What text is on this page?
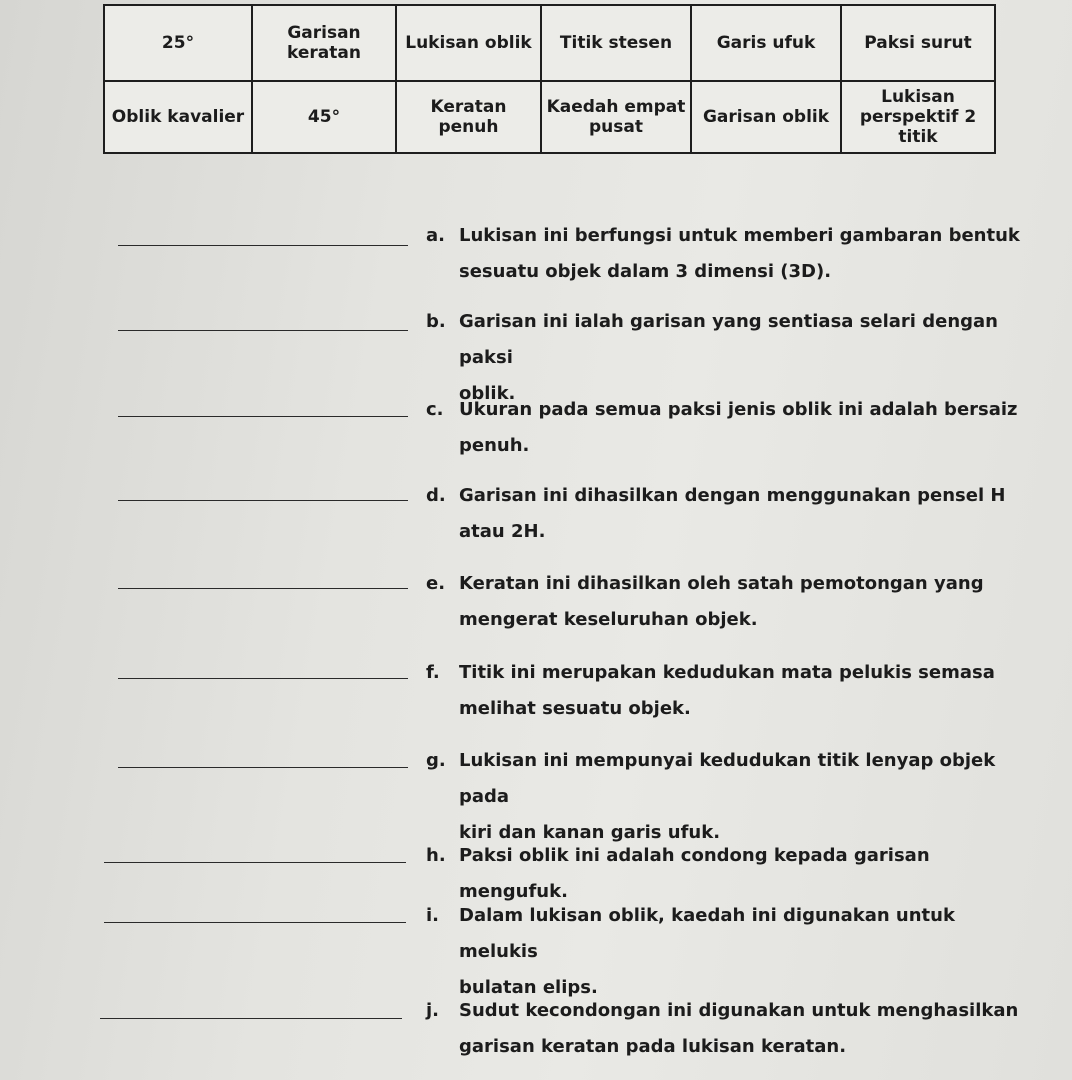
25°	Garisan keratan	Lukisan oblik	Titik stesen	Garis ufuk	Paksi surut
Oblik kavalier	45°	Keratan penuh	Kaedah empat pusat	Garisan oblik	Lukisan perspektif 2 titik
a. Lukisan ini berfungsi untuk memberi gambaran bentuk
sesuatu objek dalam 3 dimensi (3D).
b. Garisan ini ialah garisan yang sentiasa selari dengan paksi
oblik.
c. Ukuran pada semua paksi jenis oblik ini adalah bersaiz
penuh.
d. Garisan ini dihasilkan dengan menggunakan pensel H
atau 2H.
e. Keratan ini dihasilkan oleh satah pemotongan yang
mengerat keseluruhan objek.
f. Titik ini merupakan kedudukan mata pelukis semasa
melihat sesuatu objek.
g. Lukisan ini mempunyai kedudukan titik lenyap objek pada
kiri dan kanan garis ufuk.
h. Paksi oblik ini adalah condong kepada garisan mengufuk.
i. Dalam lukisan oblik, kaedah ini digunakan untuk melukis
bulatan elips.
j. Sudut kecondongan ini digunakan untuk menghasilkan
garisan keratan pada lukisan keratan.
